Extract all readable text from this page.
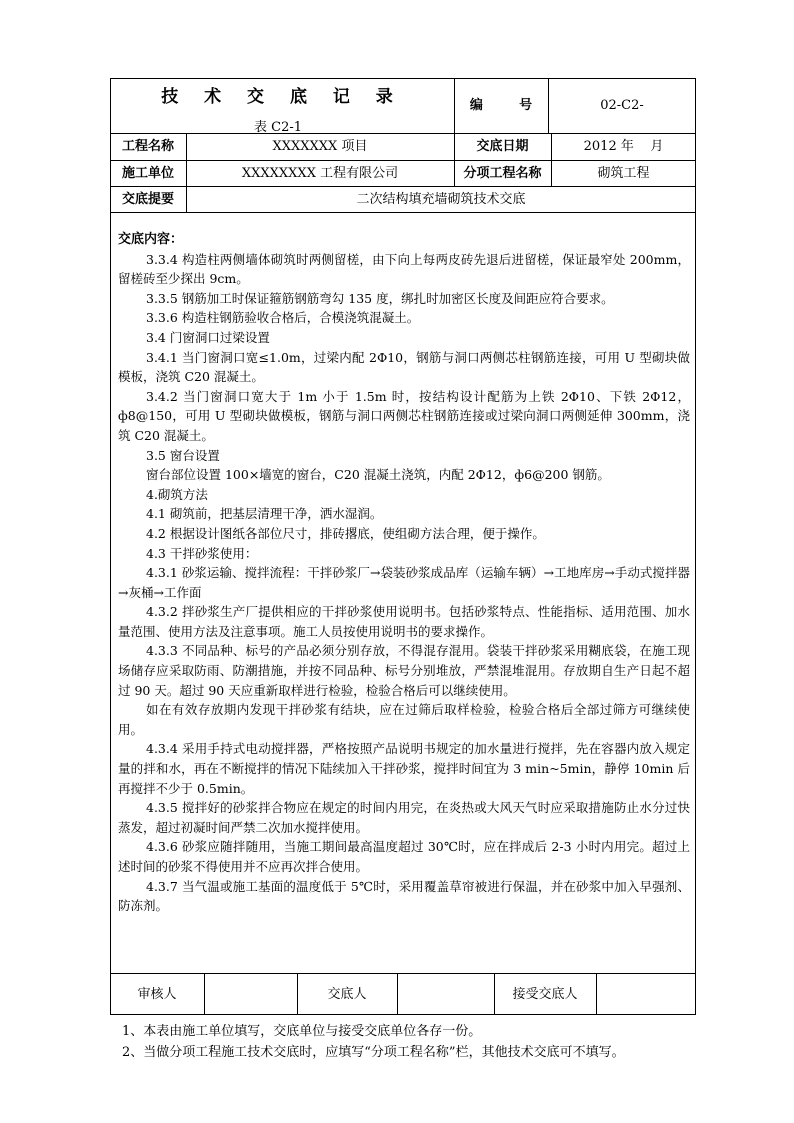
技 术 交 底 记 录
表 C2-1
编        号	02-C2-
工程名称	XXXXXXX 项目	交底日期	2012 年    月
施工单位	XXXXXXXX 工程有限公司	分项工程名称	砌筑工程
交底提要	二次结构填充墙砌筑技术交底

交底内容：

3.3.4 构造柱两侧墙体砌筑时两侧留槎，由下向上每两皮砖先退后进留槎，保证最窄处 200mm，留槎砖至少探出 9cm。

3.3.5 钢筋加工时保证箍筋钢筋弯勾 135 度，绑扎时加密区长度及间距应符合要求。

3.3.6 构造柱钢筋验收合格后，合模浇筑混凝土。

3.4 门窗洞口过梁设置

3.4.1 当门窗洞口宽≤1.0m，过梁内配 2Φ10，钢筋与洞口两侧芯柱钢筋连接，可用 U 型砌块做模板，浇筑 C20 混凝土。

3.4.2 当门窗洞口宽大于 1m 小于 1.5m 时，按结构设计配筋为上铁 2Φ10、下铁 2Φ12，ф8@150，可用 U 型砌块做模板，钢筋与洞口两侧芯柱钢筋连接或过梁向洞口两侧延伸 300mm，浇筑 C20 混凝土。

3.5 窗台设置

窗台部位设置 100×墙宽的窗台，C20 混凝土浇筑，内配 2Φ12，ф6@200 钢筋。

4.砌筑方法

4.1 砌筑前，把基层清理干净，洒水湿润。

4.2 根据设计图纸各部位尺寸，排砖撂底，使组砌方法合理，便于操作。

4.3 干拌砂浆使用：

4.3.1 砂浆运输、搅拌流程：干拌砂浆厂→袋装砂浆成品库（运输车辆）→工地库房→手动式搅拌器→灰桶→工作面

4.3.2 拌砂浆生产厂提供相应的干拌砂浆使用说明书。包括砂浆特点、性能指标、适用范围、加水量范围、使用方法及注意事项。施工人员按使用说明书的要求操作。

4.3.3 不同品种、标号的产品必须分别存放，不得混存混用。袋装干拌砂浆采用糊底袋，在施工现场储存应采取防雨、防潮措施，并按不同品种、标号分别堆放，严禁混堆混用。存放期自生产日起不超过 90 天。超过 90 天应重新取样进行检验，检验合格后可以继续使用。

如在有效存放期内发现干拌砂浆有结块，应在过筛后取样检验，检验合格后全部过筛方可继续使用。

4.3.4 采用手持式电动搅拌器，严格按照产品说明书规定的加水量进行搅拌，先在容器内放入规定量的拌和水，再在不断搅拌的情况下陆续加入干拌砂浆，搅拌时间宜为 3 min~5min，静停 10min 后再搅拌不少于 0.5min。

4.3.5 搅拌好的砂浆拌合物应在规定的时间内用完，在炎热或大风天气时应采取措施防止水分过快蒸发，超过初凝时间严禁二次加水搅拌使用。

4.3.6 砂浆应随拌随用，当施工期间最高温度超过 30℃时，应在拌成后 2-3 小时内用完。超过上述时间的砂浆不得使用并不应再次拌合使用。

4.3.7 当气温或施工基面的温度低于 5℃时，采用覆盖草帘被进行保温，并在砂浆中加入早强剂、防冻剂。

审核人	交底人	接受交底人
1、本表由施工单位填写，交底单位与接受交底单位各存一份。
2、当做分项工程施工技术交底时，应填写“分项工程名称”栏，其他技术交底可不填写。
